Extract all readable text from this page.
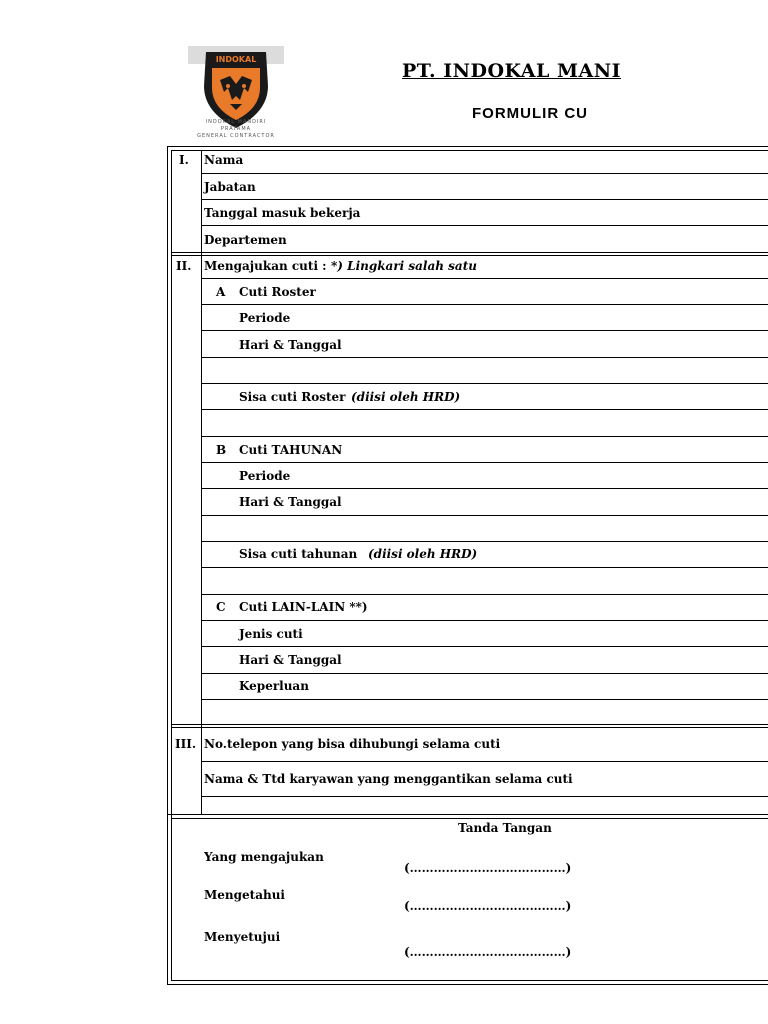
INDOKAL
INDOKAL MANDIRI PRATAMA
GENERAL CONTRACTOR
PT. INDOKAL MANI
FORMULIR CU
I. Nama
Jabatan
Tanggal masuk bekerja
Departemen
II. Mengajukan cuti : *) Lingkari salah satu
A Cuti Roster
Periode
Hari & Tanggal
Sisa cuti Roster (diisi oleh HRD)
B Cuti TAHUNAN
Periode
Hari & Tanggal
Sisa cuti tahunan (diisi oleh HRD)
C Cuti LAIN-LAIN **)
Jenis cuti
Hari & Tanggal
Keperluan
III. No.telepon yang bisa dihubungi selama cuti
Nama & Ttd karyawan yang menggantikan selama cuti
Tanda Tangan
Yang mengajukan
(…………………………………)
Mengetahui
(…………………………………)
Menyetujui
(…………………………………)
